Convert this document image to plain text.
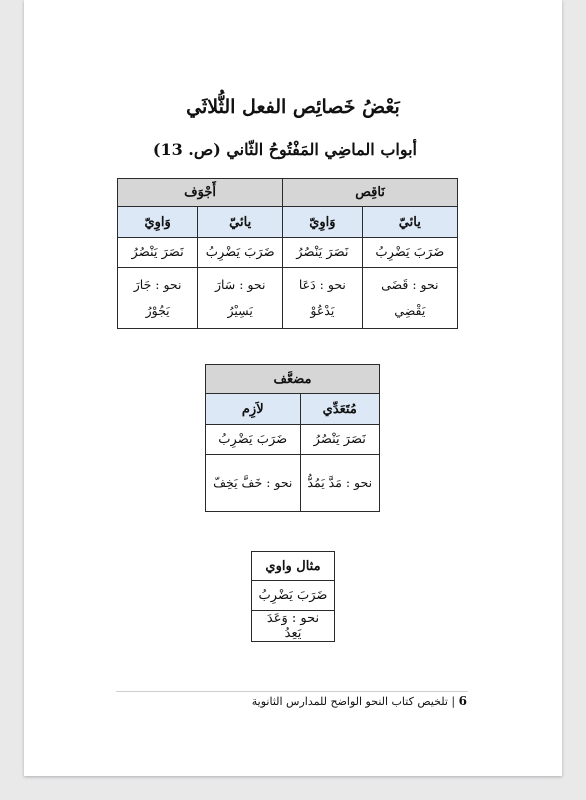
بَعْضُ خَصائِص الفعل الثُّلاثَي
أبواب الماضِي المَفْتُوحُ الثّاني (ص. 13)
نَاقِص		أَجْوَف	
يائيّ	وَاوِيّ	يائيّ	وَاوِيّ
ضَرَبَ يَضْرِبُ	نَصَرَ يَنْصُرُ	ضَرَبَ يَضْرِبُ	نَصَرَ يَنْصُرُ
نحو : قَضَى يَقْضِي	نحو : دَعَا يَدْعُوْ	نحو : سَارَ يَسِيْرُ	نحو : جَارَ يَجُوْرُ
مضعَّف	
مُتَعَدِّي	لاَزِم
نَصَرَ يَنْصُرُ	ضَرَبَ يَضْرِبُ
نحو : مَدَّ يَمُدُّ	نحو : خَفَّ يَخِفّ
مثال واوي
ضَرَبَ يَضْرِبُ
نحو : وَعَدَ يَعِدُ
6 | تلخيص كتاب النحو الواضح للمدارس الثانوية
